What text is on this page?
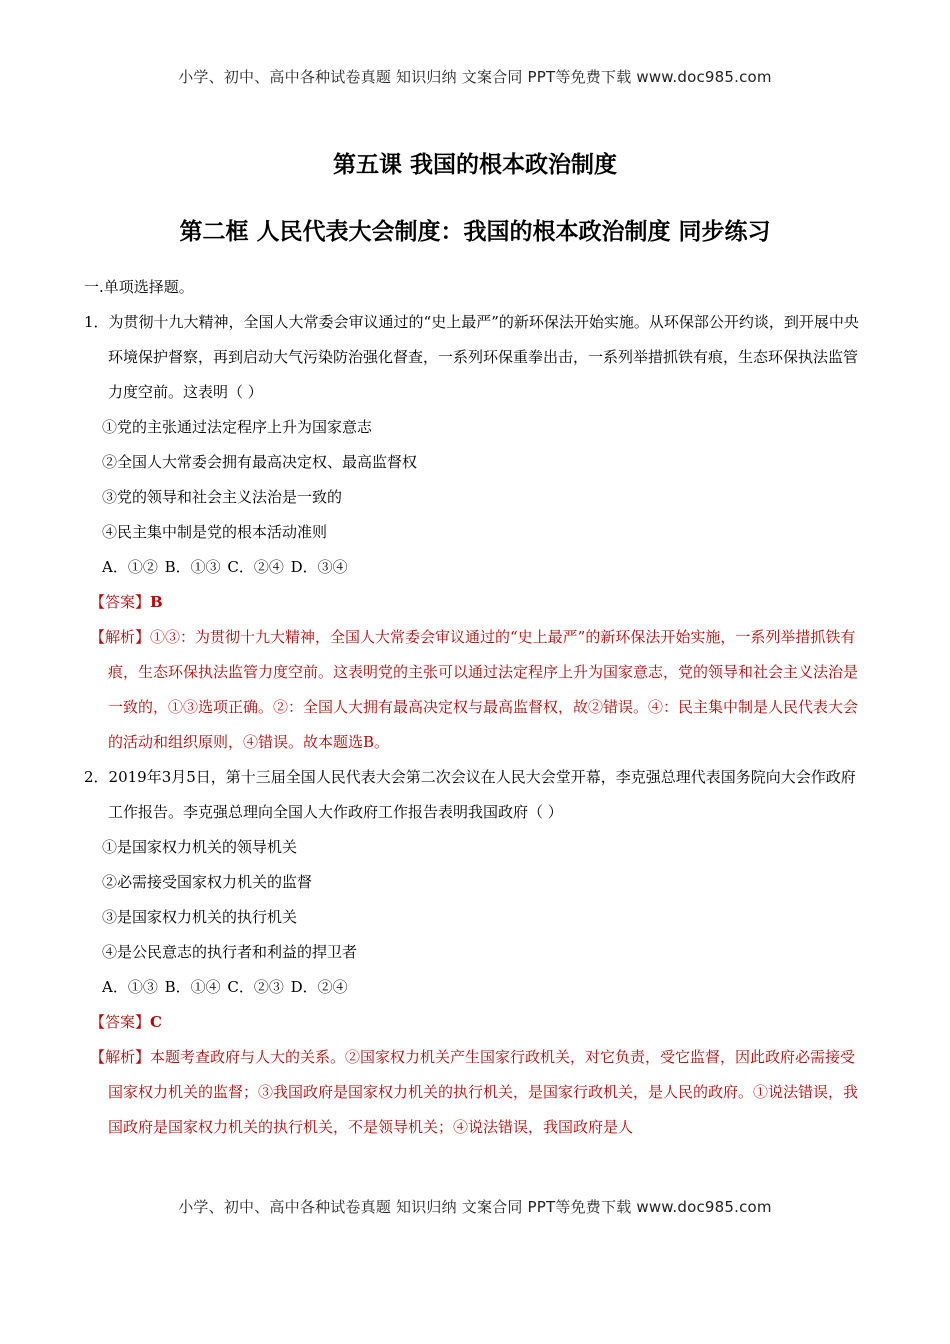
小学、初中、高中各种试卷真题 知识归纳 文案合同 PPT等免费下载 www.doc985.com
第五课 我国的根本政治制度
第二框 人民代表大会制度：我国的根本政治制度 同步练习

一.单项选择题。

1．为贯彻十九大精神，全国人大常委会审议通过的“史上最严”的新环保法开始实施。从环保部公开约谈，到开展中央环境保护督察，再到启动大气污染防治强化督查，一系列环保重拳出击，一系列举措抓铁有痕，生态环保执法监管力度空前。这表明（ ）

①党的主张通过法定程序上升为国家意志

②全国人大常委会拥有最高决定权、最高监督权

③党的领导和社会主义法治是一致的

④民主集中制是党的根本活动准则

A．①② B．①③ C．②④ D．③④

【答案】B

【解析】①③：为贯彻十九大精神，全国人大常委会审议通过的“史上最严”的新环保法开始实施，一系列举措抓铁有痕，生态环保执法监管力度空前。这表明党的主张可以通过法定程序上升为国家意志，党的领导和社会主义法治是一致的，①③选项正确。②：全国人大拥有最高决定权与最高监督权，故②错误。④：民主集中制是人民代表大会的活动和组织原则，④错误。故本题选B。

2．2019年3月5日，第十三届全国人民代表大会第二次会议在人民大会堂开幕，李克强总理代表国务院向大会作政府工作报告。李克强总理向全国人大作政府工作报告表明我国政府（ ）

①是国家权力机关的领导机关

②必需接受国家权力机关的监督

③是国家权力机关的执行机关

④是公民意志的执行者和利益的捍卫者

A．①③ B．①④ C．②③ D．②④

【答案】C

【解析】本题考查政府与人大的关系。②国家权力机关产生国家行政机关，对它负责，受它监督，因此政府必需接受国家权力机关的监督；③我国政府是国家权力机关的执行机关，是国家行政机关，是人民的政府。①说法错误，我国政府是国家权力机关的执行机关，不是领导机关；④说法错误，我国政府是人

小学、初中、高中各种试卷真题 知识归纳 文案合同 PPT等免费下载 www.doc985.com
